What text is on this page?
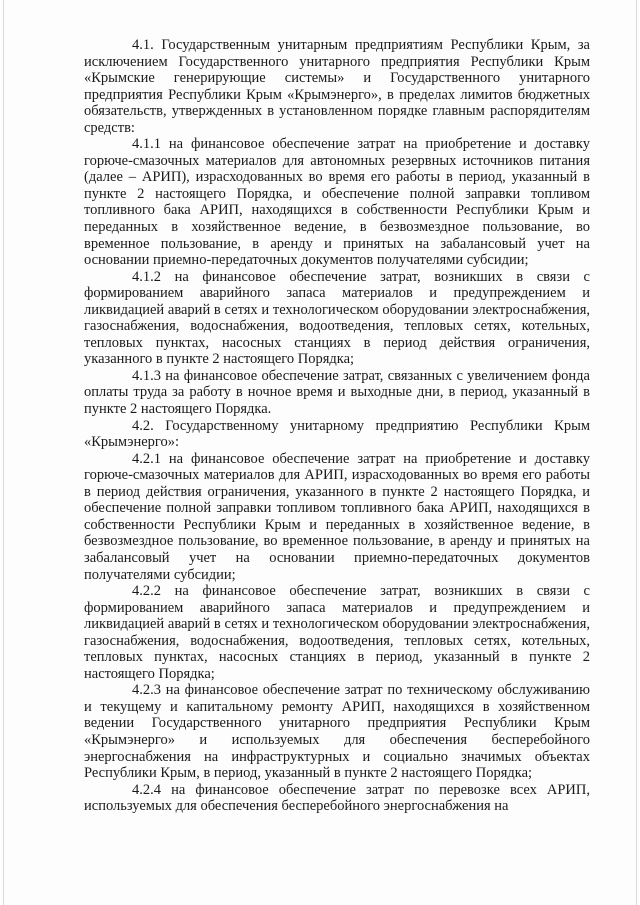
4.1. Государственным унитарным предприятиям Республики Крым, за исключением Государственного унитарного предприятия Республики Крым «Крымские генерирующие системы» и Государственного унитарного предприятия Республики Крым «Крымэнерго», в пределах лимитов бюджетных обязательств, утвержденных в установленном порядке главным распорядителям средств:

4.1.1 на финансовое обеспечение затрат на приобретение и доставку горюче-смазочных материалов для автономных резервных источников питания (далее – АРИП), израсходованных во время его работы в период, указанный в пункте 2 настоящего Порядка, и обеспечение полной заправки топливом топливного бака АРИП, находящихся в собственности Республики Крым и переданных в хозяйственное ведение, в безвозмездное пользование, во временное пользование, в аренду и принятых на забалансовый учет на основании приемно-передаточных документов получателями субсидии;

4.1.2 на финансовое обеспечение затрат, возникших в связи с формированием аварийного запаса материалов и предупреждением и ликвидацией аварий в сетях и технологическом оборудовании электроснабжения, газоснабжения, водоснабжения, водоотведения, тепловых сетях, котельных, тепловых пунктах, насосных станциях в период действия ограничения, указанного в пункте 2 настоящего Порядка;

4.1.3 на финансовое обеспечение затрат, связанных с увеличением фонда оплаты труда за работу в ночное время и выходные дни, в период, указанный в пункте 2 настоящего Порядка.

4.2. Государственному унитарному предприятию Республики Крым «Крымэнерго»:

4.2.1 на финансовое обеспечение затрат на приобретение и доставку горюче-смазочных материалов для АРИП, израсходованных во время его работы в период действия ограничения, указанного в пункте 2 настоящего Порядка, и обеспечение полной заправки топливом топливного бака АРИП, находящихся в собственности Республики Крым и переданных в хозяйственное ведение, в безвозмездное пользование, во временное пользование, в аренду и принятых на забалансовый учет на основании приемно-передаточных документов получателями субсидии;

4.2.2 на финансовое обеспечение затрат, возникших в связи с формированием аварийного запаса материалов и предупреждением и ликвидацией аварий в сетях и технологическом оборудовании электроснабжения, газоснабжения, водоснабжения, водоотведения, тепловых сетях, котельных, тепловых пунктах, насосных станциях в период, указанный в пункте 2 настоящего Порядка;

4.2.3 на финансовое обеспечение затрат по техническому обслуживанию и текущему и капитальному ремонту АРИП, находящихся в хозяйственном ведении Государственного унитарного предприятия Республики Крым «Крымэнерго» и используемых для обеспечения бесперебойного энергоснабжения на инфраструктурных и социально значимых объектах Республики Крым, в период, указанный в пункте 2 настоящего Порядка;

4.2.4 на финансовое обеспечение затрат по перевозке всех АРИП, используемых для обеспечения бесперебойного энергоснабжения на
